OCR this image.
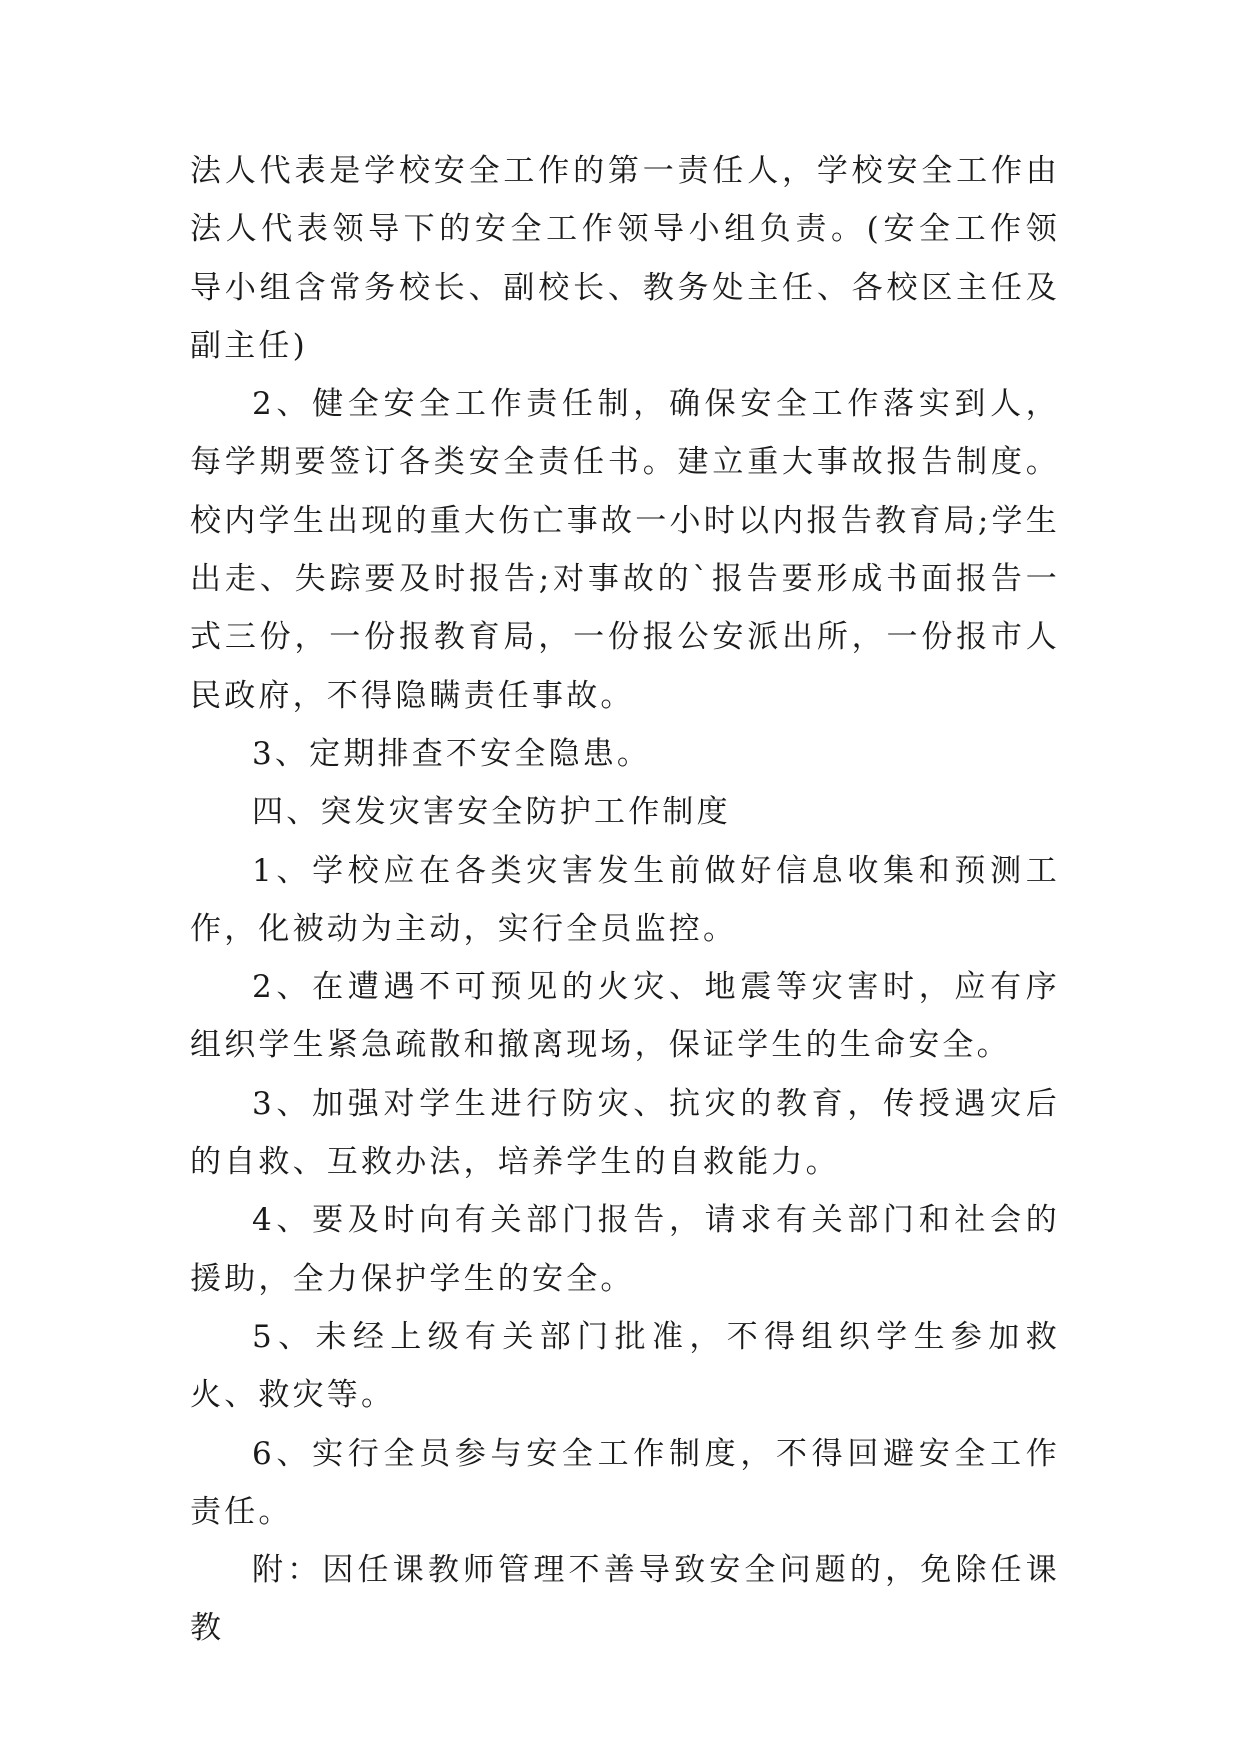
法人代表是学校安全工作的第一责任人，学校安全工作由法人代表领导下的安全工作领导小组负责。(安全工作领导小组含常务校长、副校长、教务处主任、各校区主任及副主任)

2、健全安全工作责任制，确保安全工作落实到人，每学期要签订各类安全责任书。建立重大事故报告制度。校内学生出现的重大伤亡事故一小时以内报告教育局;学生出走、失踪要及时报告;对事故的`报告要形成书面报告一式三份，一份报教育局，一份报公安派出所，一份报市人民政府，不得隐瞒责任事故。

3、定期排查不安全隐患。

四、突发灾害安全防护工作制度

1、学校应在各类灾害发生前做好信息收集和预测工作，化被动为主动，实行全员监控。

2、在遭遇不可预见的火灾、地震等灾害时，应有序组织学生紧急疏散和撤离现场，保证学生的生命安全。

3、加强对学生进行防灾、抗灾的教育，传授遇灾后的自救、互救办法，培养学生的自救能力。

4、要及时向有关部门报告，请求有关部门和社会的援助，全力保护学生的安全。

5、未经上级有关部门批准，不得组织学生参加救火、救灾等。

6、实行全员参与安全工作制度，不得回避安全工作责任。

附：因任课教师管理不善导致安全问题的，免除任课教
